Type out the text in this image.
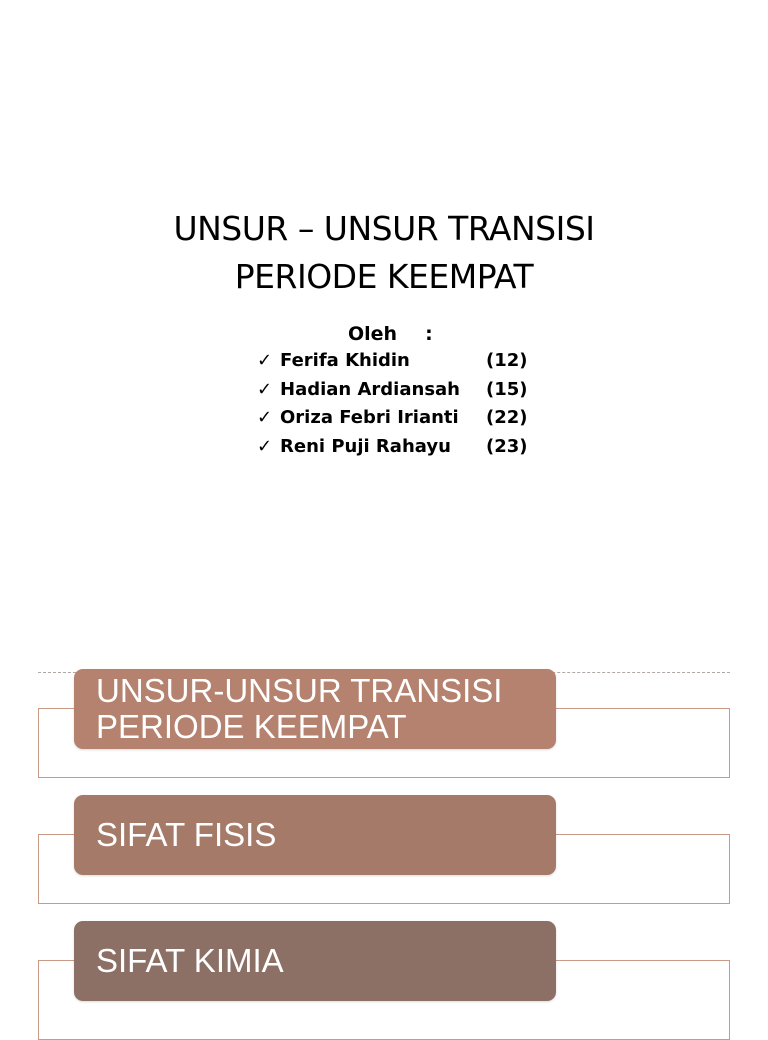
UNSUR – UNSUR TRANSISI
PERIODE KEEMPAT
Oleh :
✓ Ferifa Khidin	(12)
✓ Hadian Ardiansah (15)
✓ Oriza Febri Irianti (22)
✓ Reni Puji Rahayu (23)
UNSUR-UNSUR TRANSISI
PERIODE KEEMPAT
SIFAT FISIS
SIFAT KIMIA
